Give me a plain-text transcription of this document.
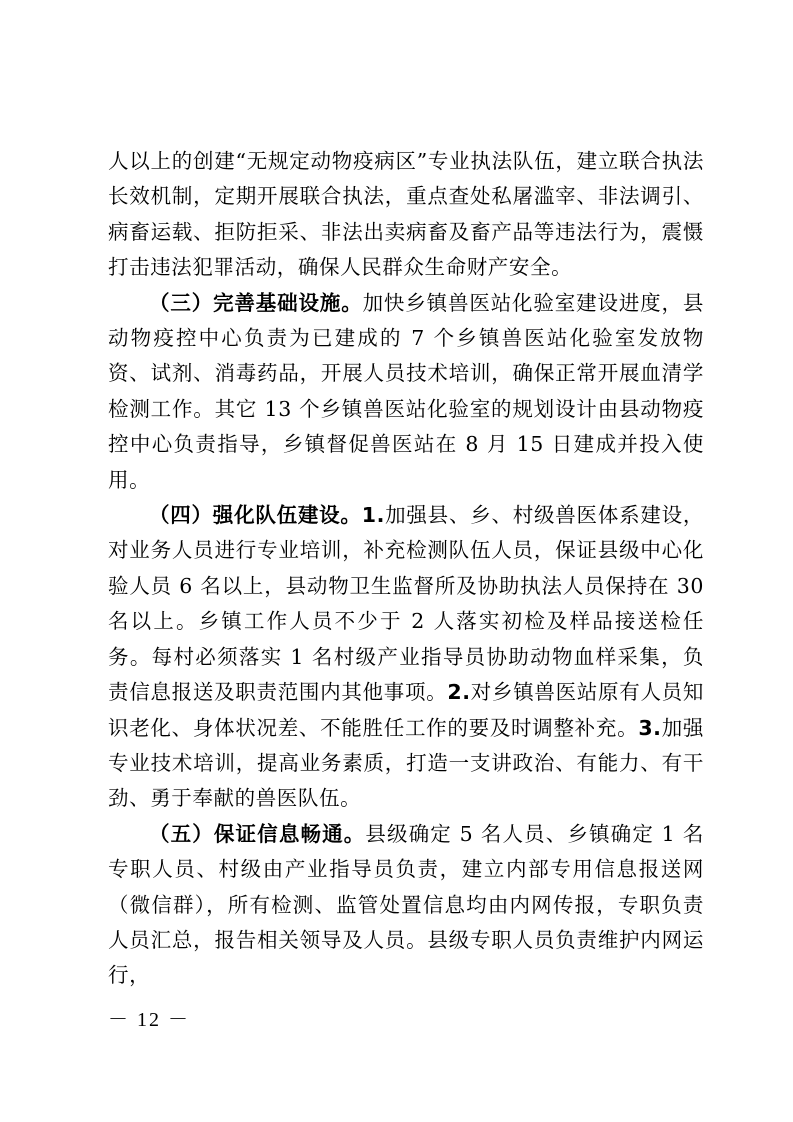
人以上的创建“无规定动物疫病区”专业执法队伍，建立联合执法长效机制，定期开展联合执法，重点查处私屠滥宰、非法调引、病畜运载、拒防拒采、非法出卖病畜及畜产品等违法行为，震慑打击违法犯罪活动，确保人民群众生命财产安全。

（三）完善基础设施。加快乡镇兽医站化验室建设进度，县动物疫控中心负责为已建成的 7 个乡镇兽医站化验室发放物资、试剂、消毒药品，开展人员技术培训，确保正常开展血清学检测工作。其它 13 个乡镇兽医站化验室的规划设计由县动物疫控中心负责指导，乡镇督促兽医站在 8 月 15 日建成并投入使用。

（四）强化队伍建设。1.加强县、乡、村级兽医体系建设，对业务人员进行专业培训，补充检测队伍人员，保证县级中心化验人员 6 名以上，县动物卫生监督所及协助执法人员保持在 30 名以上。乡镇工作人员不少于 2 人落实初检及样品接送检任务。每村必须落实 1 名村级产业指导员协助动物血样采集，负责信息报送及职责范围内其他事项。2.对乡镇兽医站原有人员知识老化、身体状况差、不能胜任工作的要及时调整补充。3.加强专业技术培训，提高业务素质，打造一支讲政治、有能力、有干劲、勇于奉献的兽医队伍。

（五）保证信息畅通。县级确定 5 名人员、乡镇确定 1 名专职人员、村级由产业指导员负责，建立内部专用信息报送网（微信群），所有检测、监管处置信息均由内网传报，专职负责人员汇总，报告相关领导及人员。县级专职人员负责维护内网运行，

－ 12 －
